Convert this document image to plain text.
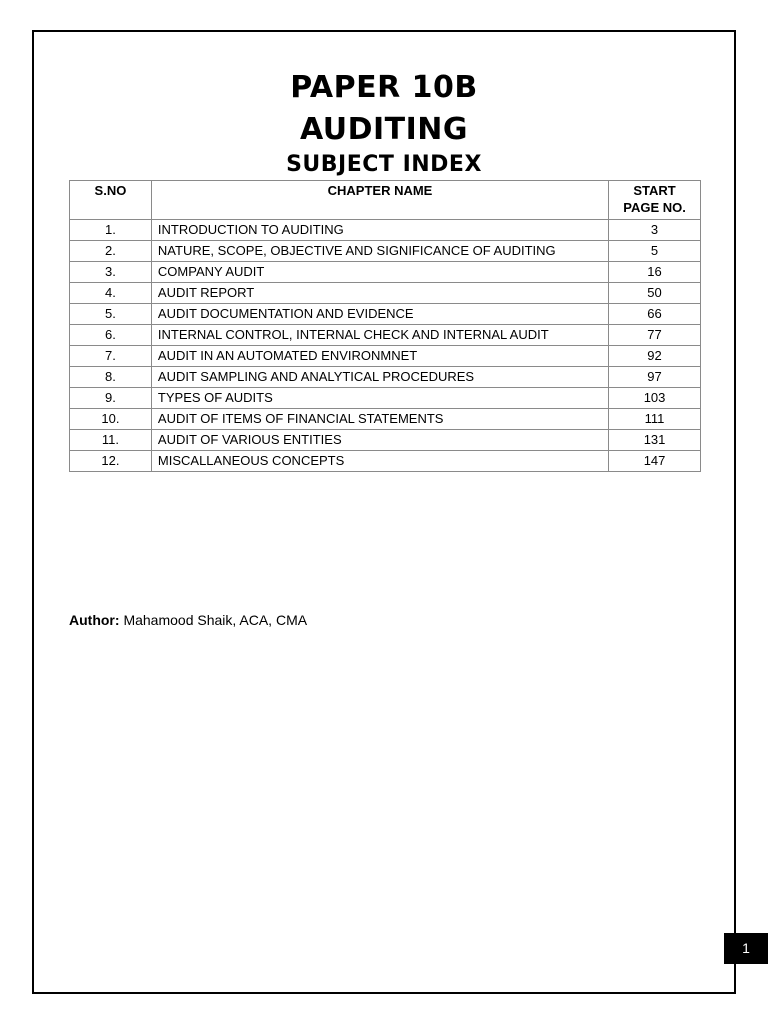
PAPER 10B
AUDITING
SUBJECT INDEX
S.NO	CHAPTER NAME	START
PAGE NO.

1.	INTRODUCTION TO AUDITING	3
2.	NATURE, SCOPE, OBJECTIVE AND SIGNIFICANCE OF AUDITING	5
3.	COMPANY AUDIT	16
4.	AUDIT REPORT	50
5.	AUDIT DOCUMENTATION AND EVIDENCE	66
6.	INTERNAL CONTROL, INTERNAL CHECK AND INTERNAL AUDIT	77
7.	AUDIT IN AN AUTOMATED ENVIRONMNET	92
8.	AUDIT SAMPLING AND ANALYTICAL PROCEDURES	97
9.	TYPES OF AUDITS	103
10.	AUDIT OF ITEMS OF FINANCIAL STATEMENTS	111
11.	AUDIT OF VARIOUS ENTITIES	131
12.	MISCALLANEOUS CONCEPTS	147
Author: Mahamood Shaik, ACA, CMA
1
